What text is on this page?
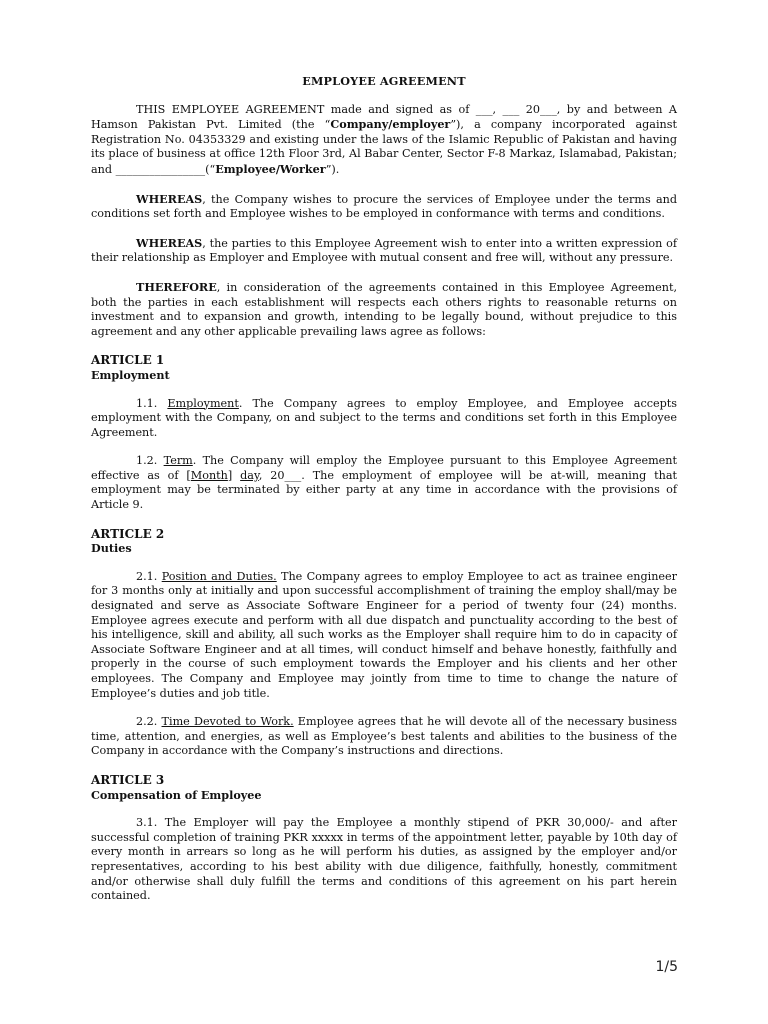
EMPLOYEE AGREEMENT

THIS EMPLOYEE AGREEMENT made and signed as of ___, ___ 20___, by and between A Hamson Pakistan Pvt. Limited (the “Company/employer”), a company incorporated against Registration No. 04353329 and existing under the laws of the Islamic Republic of Pakistan and having its place of business at office 12th Floor 3rd, Al Babar Center, Sector F-8 Markaz, Islamabad, Pakistan; and ________________(“Employee/Worker”).

WHEREAS, the Company wishes to procure the services of Employee under the terms and conditions set forth and Employee wishes to be employed in conformance with terms and conditions.

WHEREAS, the parties to this Employee Agreement wish to enter into a written expression of their relationship as Employer and Employee with mutual consent and free will, without any pressure.

THEREFORE, in consideration of the agreements contained in this Employee Agreement, both the parties in each establishment will respects each others rights to reasonable returns on investment and to expansion and growth, intending to be legally bound, without prejudice to this agreement and any other applicable prevailing laws agree as follows:

ARTICLE 1
Employment

1.1. Employment. The Company agrees to employ Employee, and Employee accepts employment with the Company, on and subject to the terms and conditions set forth in this Employee Agreement.

1.2. Term. The Company will employ the Employee pursuant to this Employee Agreement effective as of [Month] day, 20___. The employment of employee will be at-will, meaning that employment may be terminated by either party at any time in accordance with the provisions of Article 9.

ARTICLE 2
Duties

2.1. Position and Duties. The Company agrees to employ Employee to act as trainee engineer for 3 months only at initially and upon successful accomplishment of training the employ shall/may be designated and serve as Associate Software Engineer for a period of twenty four (24) months. Employee agrees execute and perform with all due dispatch and punctuality according to the best of his intelligence, skill and ability, all such works as the Employer shall require him to do in capacity of Associate Software Engineer and at all times, will conduct himself and behave honestly, faithfully and properly in the course of such employment towards the Employer and his clients and her other employees. The Company and Employee may jointly from time to time to change the nature of Employee’s duties and job title.

2.2. Time Devoted to Work. Employee agrees that he will devote all of the necessary business time, attention, and energies, as well as Employee’s best talents and abilities to the business of the Company in accordance with the Company’s instructions and directions.

ARTICLE 3
Compensation of Employee

3.1. The Employer will pay the Employee a monthly stipend of PKR 30,000/- and after successful completion of training PKR xxxxx in terms of the appointment letter, payable by 10th day of every month in arrears so long as he will perform his duties, as assigned by the employer and/or representatives, according to his best ability with due diligence, faithfully, honestly, commitment and/or otherwise shall duly fulfill the terms and conditions of this agreement on his part herein contained.

1/5
